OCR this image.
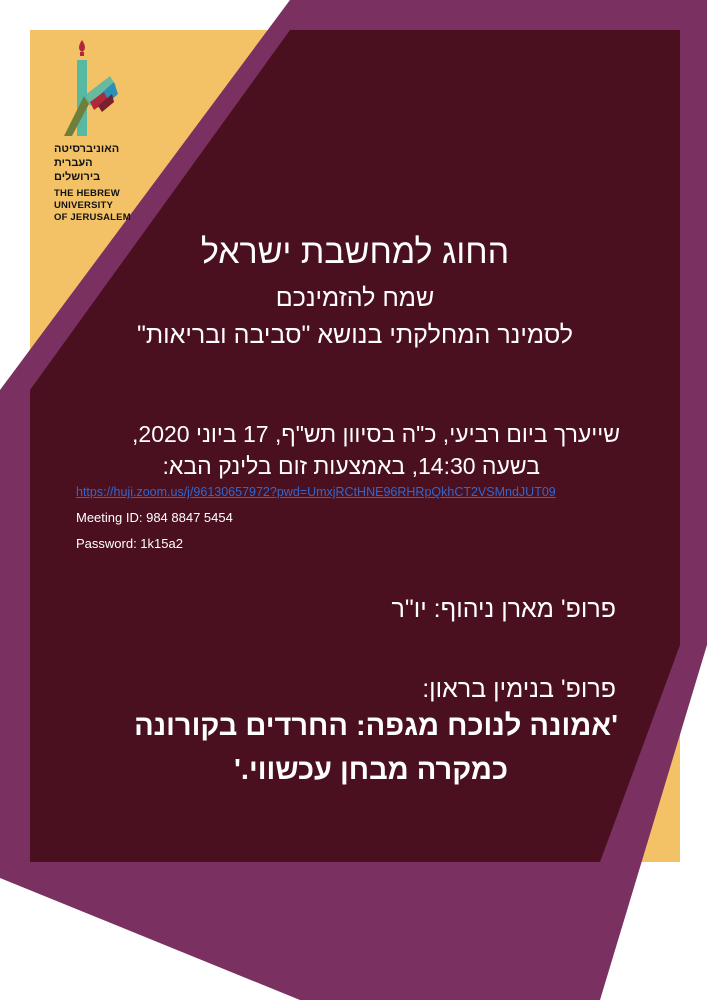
האוניברסיטה
העברית
בירושלים
THE HEBREW
UNIVERSITY
OF JERUSALEM
החוג למחשבת ישראל
שמח להזמינכם
לסמינר המחלקתי בנושא "סביבה ובריאות"
שייערך ביום רביעי, כ"ה בסיוון תש"ף, 17 ביוני 2020,
בשעה 14:30, באמצעות זום בלינק הבא:
https://huji.zoom.us/j/96130657972?pwd=UmxjRCtHNE96RHRpQkhCT2VSMndJUT09
Meeting ID: 984 8847 5454
Password: 1k15a2
פרופ' מארן ניהוף: יו"ר
פרופ' בנימין בראון:
'אמונה לנוכח מגפה: החרדים בקורונה
כמקרה מבחן עכשווי.'
